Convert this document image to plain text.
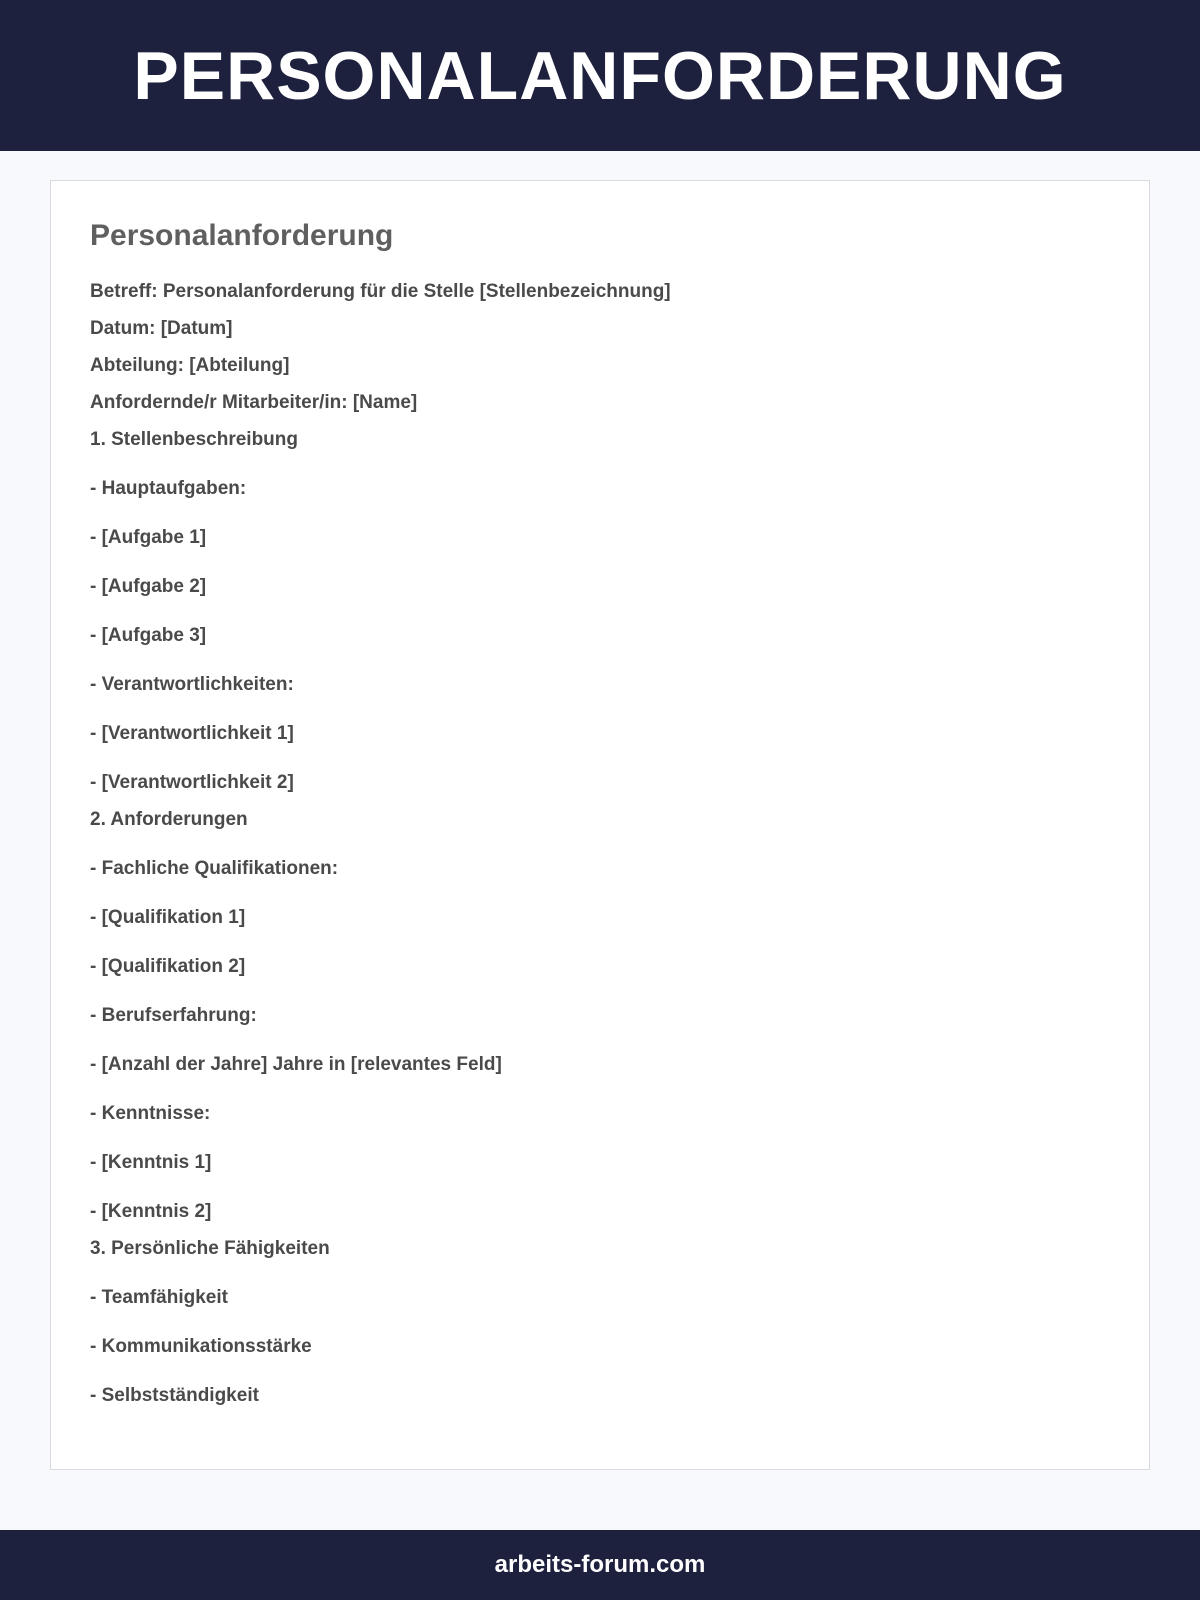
PERSONALANFORDERUNG
Personalanforderung
Betreff: Personalanforderung für die Stelle [Stellenbezeichnung]
Datum: [Datum]
Abteilung: [Abteilung]
Anfordernde/r Mitarbeiter/in: [Name]
1. Stellenbeschreibung
- Hauptaufgaben:
- [Aufgabe 1]
- [Aufgabe 2]
- [Aufgabe 3]
- Verantwortlichkeiten:
- [Verantwortlichkeit 1]
- [Verantwortlichkeit 2]
2. Anforderungen
- Fachliche Qualifikationen:
- [Qualifikation 1]
- [Qualifikation 2]
- Berufserfahrung:
- [Anzahl der Jahre] Jahre in [relevantes Feld]
- Kenntnisse:
- [Kenntnis 1]
- [Kenntnis 2]
3. Persönliche Fähigkeiten
- Teamfähigkeit
- Kommunikationsstärke
- Selbstständigkeit
arbeits-forum.com
